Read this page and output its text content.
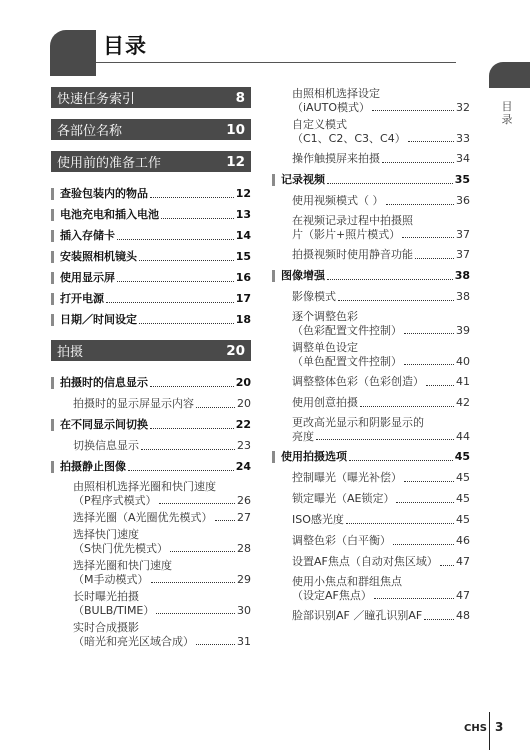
目录
目录
快速任务索引	8
各部位名称	10
使用前的准备工作	12
查验包装内的物品	12
电池充电和插入电池	13
插入存储卡	14
安装照相机镜头	15
使用显示屏	16
打开电源	17
日期／时间设定	18
拍摄	20
拍摄时的信息显示	20
拍摄时的显示屏显示内容	20
在不同显示间切换	22
切换信息显示	23
拍摄静止图像	24
由照相机选择光圈和快门速度
（P程序式模式）	26
选择光圈（A光圈优先模式） 27
选择快门速度
（S快门优先模式）	28
选择光圈和快门速度
（M手动模式）	29
长时曝光拍摄
（BULB/TIME）	30
实时合成摄影
（暗光和亮光区域合成）	31
由照相机选择设定
（iAUTO模式）	32
自定义模式
（C1、C2、C3、C4）	33
操作触摸屏来拍摄	34
记录视频	35
使用视频模式（ ）	36
在视频记录过程中拍摄照
片（影片+照片模式）	37
拍摄视频时使用静音功能	37
图像增强	38
影像模式	38
逐个调整色彩
（色彩配置文件控制）	39
调整单色设定
（单色配置文件控制）	40
调整整体色彩（色彩创造）	41
使用创意拍摄	42
更改高光显示和阴影显示的
亮度	44
使用拍摄选项	45
控制曝光（曝光补偿）	45
锁定曝光（AE锁定）	45
ISO感光度	45
调整色彩（白平衡）	46
设置AF焦点（自动对焦区域） 47
使用小焦点和群组焦点
（设定AF焦点）	47
脸部识别AF ／瞳孔识别AF	48
CHS 3
